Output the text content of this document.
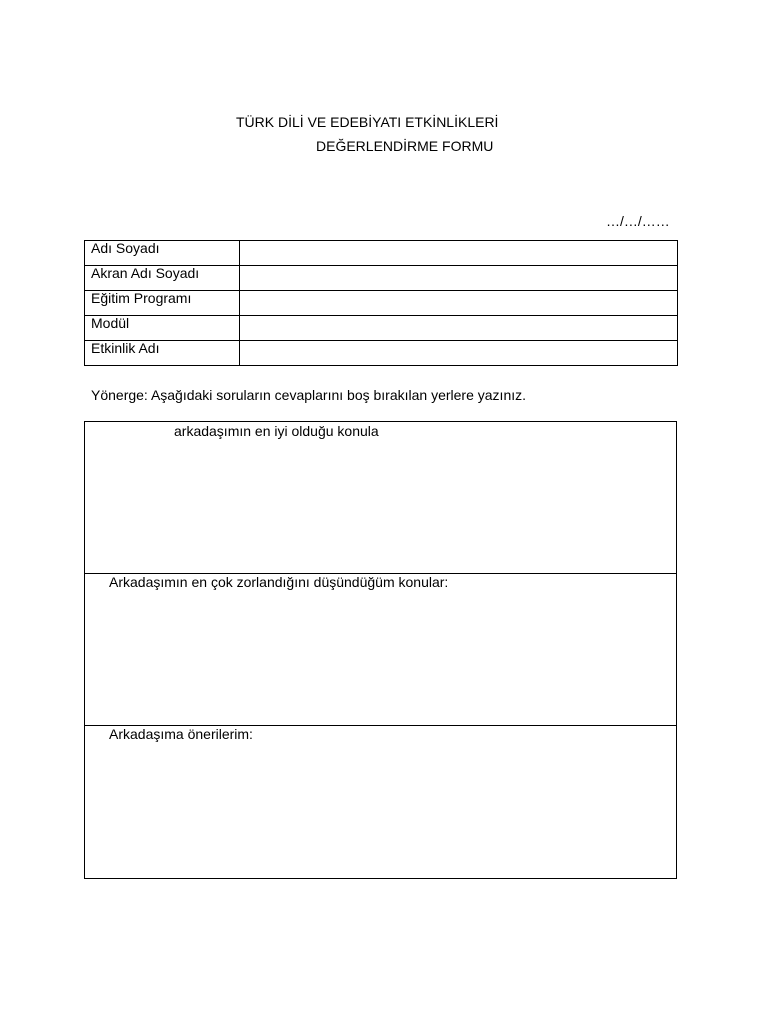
TÜRK DİLİ VE EDEBİYATI ETKİNLİKLERİ
DEĞERLENDİRME FORMU
…/…/……
Adı Soyadı	
Akran Adı Soyadı	
Eğitim Programı	
Modül	
Etkinlik Adı	
Yönerge: Aşağıdaki soruların cevaplarını boş bırakılan yerlere yazınız.
arkadaşımın en iyi olduğu konula
Arkadaşımın en çok zorlandığını düşündüğüm konular:
Arkadaşıma önerilerim:
